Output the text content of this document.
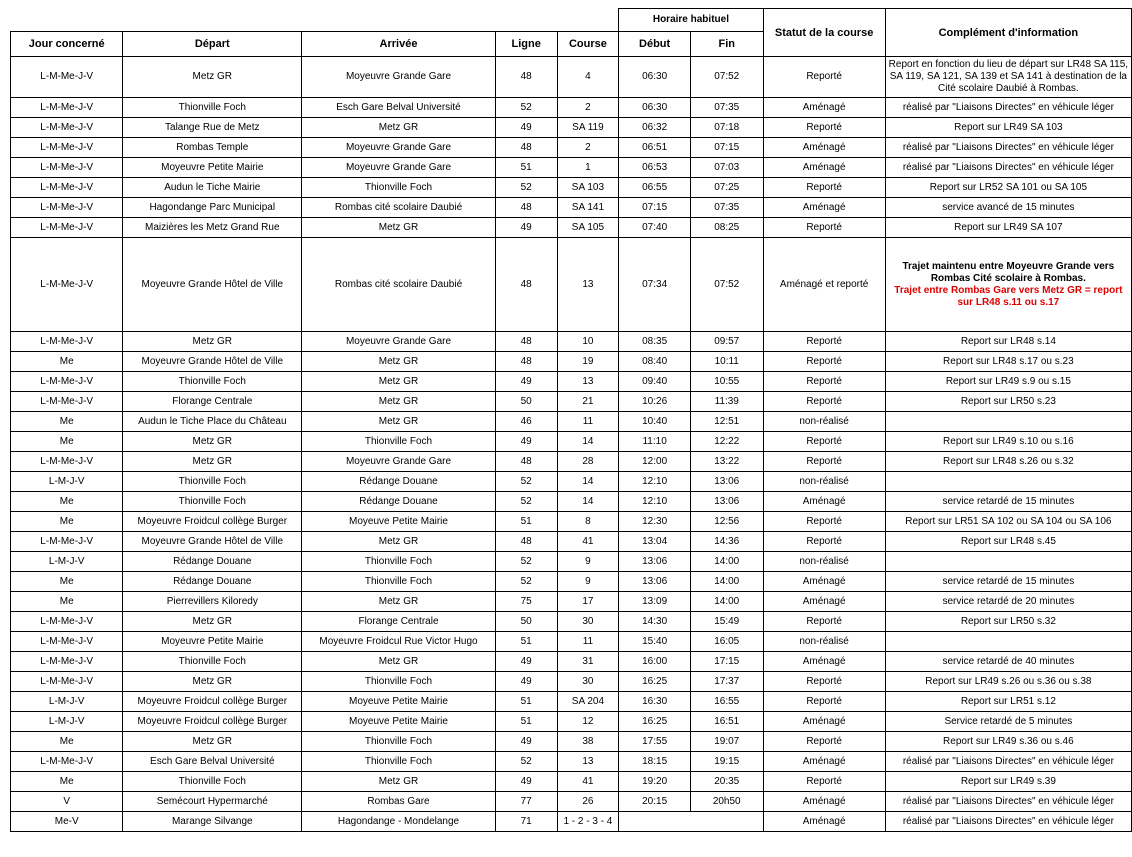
					Horaire habituel		Statut de la course	Complément d'information
Jour concerné	Départ	Arrivée	Ligne	Course	Début	Fin		
L-M-Me-J-V	Metz GR	Moyeuvre Grande Gare	48	4	06:30	07:52	Reporté	Report en fonction du lieu de départ sur LR48 SA 115, SA 119, SA 121, SA 139 et SA 141 à destination de la Cité scolaire Daubié à Rombas.
L-M-Me-J-V	Thionville Foch	Esch Gare Belval Université	52	2	06:30	07:35	Aménagé	réalisé par "Liaisons Directes" en véhicule léger
L-M-Me-J-V	Talange Rue de Metz	Metz GR	49	SA 119	06:32	07:18	Reporté	Report sur LR49 SA 103
L-M-Me-J-V	Rombas Temple	Moyeuvre Grande Gare	48	2	06:51	07:15	Aménagé	réalisé par "Liaisons Directes" en véhicule léger
L-M-Me-J-V	Moyeuvre Petite Mairie	Moyeuvre Grande Gare	51	1	06:53	07:03	Aménagé	réalisé par "Liaisons Directes" en véhicule léger
L-M-Me-J-V	Audun le Tiche Mairie	Thionville Foch	52	SA 103	06:55	07:25	Reporté	Report sur LR52 SA 101 ou SA 105
L-M-Me-J-V	Hagondange Parc Municipal	Rombas cité scolaire Daubié	48	SA 141	07:15	07:35	Aménagé	service avancé de 15 minutes
L-M-Me-J-V	Maizières les Metz Grand Rue	Metz GR	49	SA 105	07:40	08:25	Reporté	Report sur LR49 SA 107
L-M-Me-J-V	Moyeuvre Grande Hôtel de Ville	Rombas cité scolaire Daubié	48	13	07:34	07:52	Aménagé et reporté	Trajet maintenu entre Moyeuvre Grande vers Rombas Cité scolaire à Rombas.
Trajet entre Rombas Gare vers Metz GR = report sur LR48 s.11 ou s.17

L-M-Me-J-V	Metz GR	Moyeuvre Grande Gare	48	10	08:35	09:57	Reporté	Report sur LR48 s.14
Me	Moyeuvre Grande Hôtel de Ville	Metz GR	48	19	08:40	10:11	Reporté	Report sur LR48 s.17 ou s.23
L-M-Me-J-V	Thionville Foch	Metz GR	49	13	09:40	10:55	Reporté	Report sur LR49 s.9 ou s.15
L-M-Me-J-V	Florange Centrale	Metz GR	50	21	10:26	11:39	Reporté	Report sur LR50 s.23
Me	Audun le Tiche Place du Château	Metz GR	46	11	10:40	12:51	non-réalisé	
Me	Metz GR	Thionville Foch	49	14	11:10	12:22	Reporté	Report sur LR49 s.10 ou s.16
L-M-Me-J-V	Metz GR	Moyeuvre Grande Gare	48	28	12:00	13:22	Reporté	Report sur LR48 s.26 ou s.32
L-M-J-V	Thionville Foch	Rédange Douane	52	14	12:10	13:06	non-réalisé	
Me	Thionville Foch	Rédange Douane	52	14	12:10	13:06	Aménagé	service retardé de 15 minutes
Me	Moyeuvre Froidcul collège Burger	Moyeuve Petite Mairie	51	8	12:30	12:56	Reporté	Report sur LR51 SA 102 ou SA 104 ou SA 106
L-M-Me-J-V	Moyeuvre Grande Hôtel de Ville	Metz GR	48	41	13:04	14:36	Reporté	Report sur LR48 s.45
L-M-J-V	Rédange Douane	Thionville Foch	52	9	13:06	14:00	non-réalisé	
Me	Rédange Douane	Thionville Foch	52	9	13:06	14:00	Aménagé	service retardé de 15 minutes
Me	Pierrevillers Kiloredy	Metz GR	75	17	13:09	14:00	Aménagé	service retardé de 20 minutes
L-M-Me-J-V	Metz GR	Florange Centrale	50	30	14:30	15:49	Reporté	Report sur LR50 s.32
L-M-Me-J-V	Moyeuvre Petite Mairie	Moyeuvre Froidcul Rue Victor Hugo	51	11	15:40	16:05	non-réalisé	
L-M-Me-J-V	Thionville Foch	Metz GR	49	31	16:00	17:15	Aménagé	service retardé de 40 minutes
L-M-Me-J-V	Metz GR	Thionville Foch	49	30	16:25	17:37	Reporté	Report sur LR49 s.26 ou s.36 ou s.38
L-M-J-V	Moyeuvre Froidcul collège Burger	Moyeuve Petite Mairie	51	SA 204	16:30	16:55	Reporté	Report sur LR51 s.12
L-M-J-V	Moyeuvre Froidcul collège Burger	Moyeuve Petite Mairie	51	12	16:25	16:51	Aménagé	Service retardé de 5 minutes
Me	Metz GR	Thionville Foch	49	38	17:55	19:07	Reporté	Report sur LR49 s.36 ou s.46
L-M-Me-J-V	Esch Gare Belval Université	Thionville Foch	52	13	18:15	19:15	Aménagé	réalisé par "Liaisons Directes" en véhicule léger
Me	Thionville Foch	Metz GR	49	41	19:20	20:35	Reporté	Report sur LR49 s.39
V	Semécourt Hypermarché	Rombas Gare	77	26	20:15	20h50	Aménagé	réalisé par "Liaisons Directes" en véhicule léger
Me-V	Marange Silvange	Hagondange - Mondelange	71	1 - 2 - 3 - 4			Aménagé	réalisé par "Liaisons Directes" en véhicule léger
